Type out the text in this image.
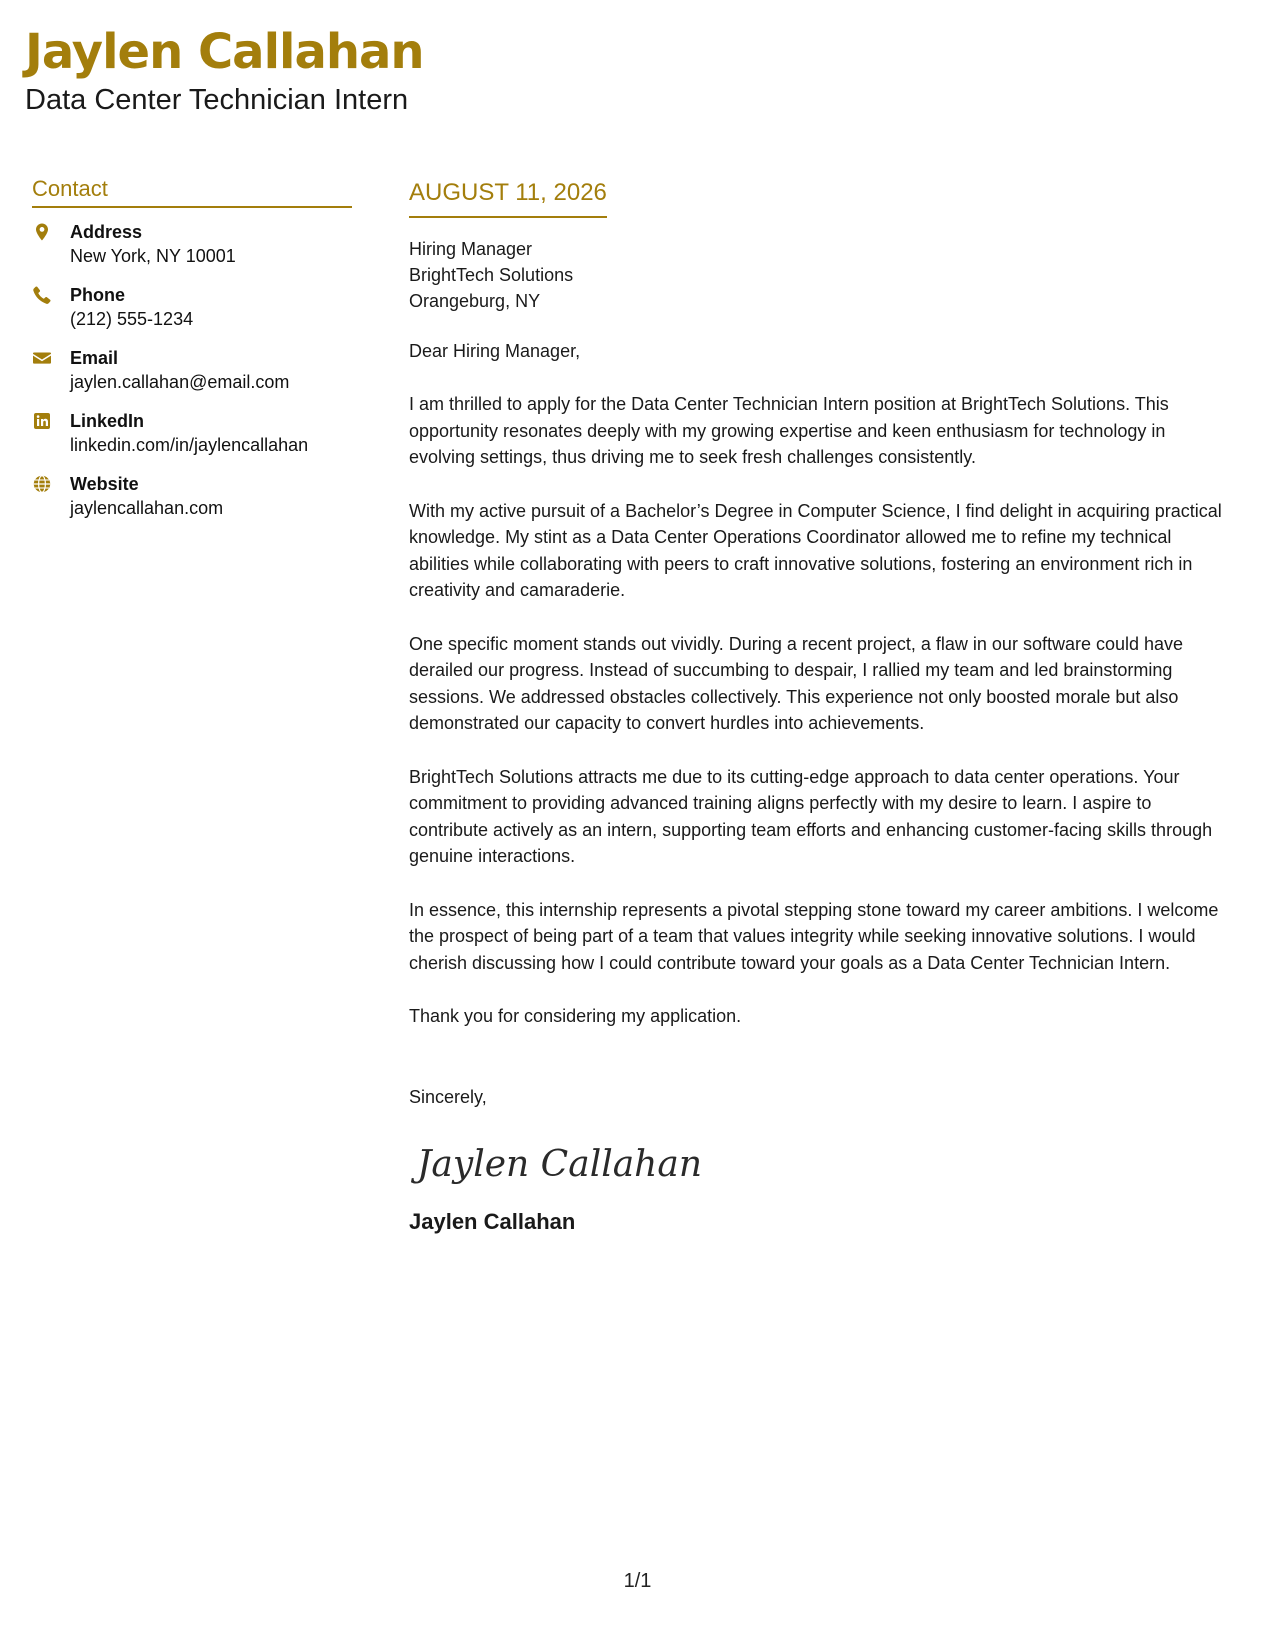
Jaylen Callahan
Data Center Technician Intern
Contact
Address
New York, NY 10001
Phone
(212) 555-1234
Email
jaylen.callahan@email.com
LinkedIn
linkedin.com/in/jaylencallahan
Website
jaylencallahan.com
AUGUST 11, 2026
Hiring Manager
BrightTech Solutions
Orangeburg, NY
Dear Hiring Manager,
I am thrilled to apply for the Data Center Technician Intern position at BrightTech Solutions. This opportunity resonates deeply with my growing expertise and keen enthusiasm for technology in evolving settings, thus driving me to seek fresh challenges consistently.
With my active pursuit of a Bachelor’s Degree in Computer Science, I find delight in acquiring practical knowledge. My stint as a Data Center Operations Coordinator allowed me to refine my technical abilities while collaborating with peers to craft innovative solutions, fostering an environment rich in creativity and camaraderie.
One specific moment stands out vividly. During a recent project, a flaw in our software could have derailed our progress. Instead of succumbing to despair, I rallied my team and led brainstorming sessions. We addressed obstacles collectively. This experience not only boosted morale but also demonstrated our capacity to convert hurdles into achievements.
BrightTech Solutions attracts me due to its cutting-edge approach to data center operations. Your commitment to providing advanced training aligns perfectly with my desire to learn. I aspire to contribute actively as an intern, supporting team efforts and enhancing customer-facing skills through genuine interactions.
In essence, this internship represents a pivotal stepping stone toward my career ambitions. I welcome the prospect of being part of a team that values integrity while seeking innovative solutions. I would cherish discussing how I could contribute toward your goals as a Data Center Technician Intern.
Thank you for considering my application.
Sincerely,
Jaylen Callahan
Jaylen Callahan
1/1
